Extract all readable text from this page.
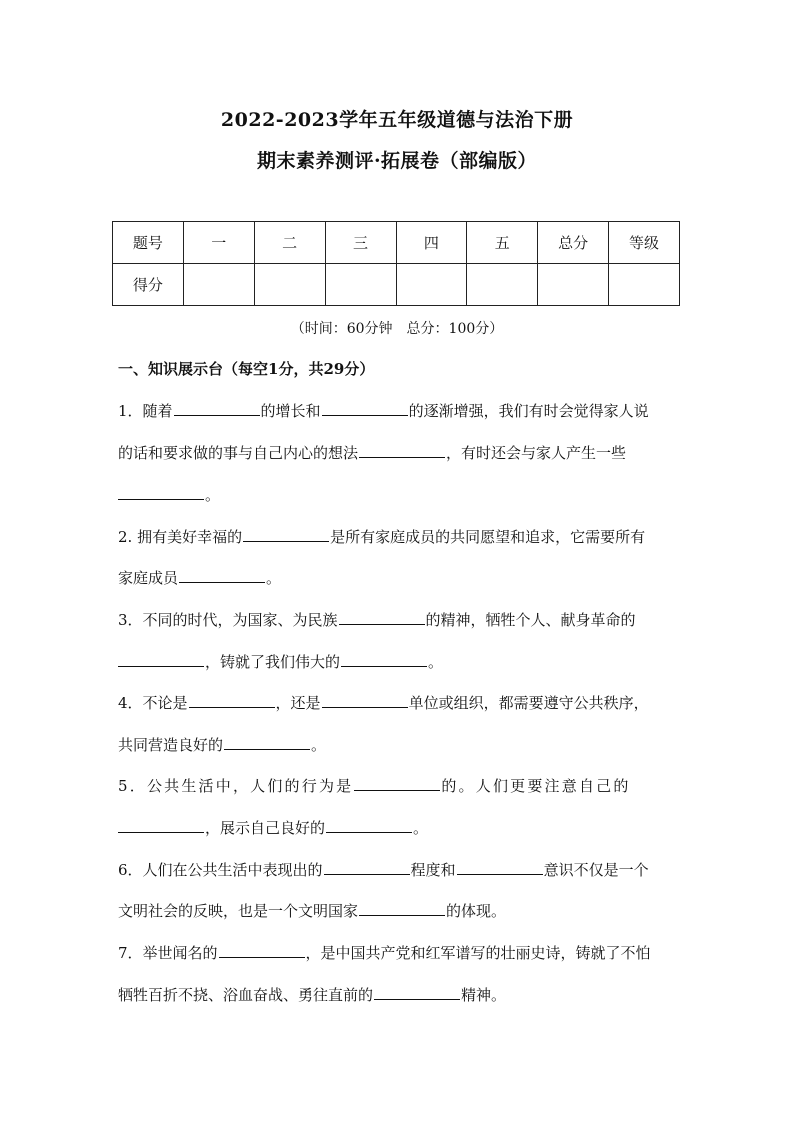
2022-2023学年五年级道德与法治下册
期末素养测评·拓展卷（部编版）
题号	一	二	三	四	五	总分	等级
得分							
（时间：60分钟　总分：100分）
一、知识展示台（每空1分，共29分）
1．随着	的增长和	的逐渐增强，我们有时会觉得家人说
的话和要求做的事与自己内心的想法	，有时还会与家人产生一些
。
2. 拥有美好幸福的	是所有家庭成员的共同愿望和追求，它需要所有
家庭成员	。
3．不同的时代，为国家、为民族	的精神，牺牲个人、献身革命的
，铸就了我们伟大的	。
4．不论是	，还是	单位或组织，都需要遵守公共秩序，
共同营造良好的	。
5．公共生活中，人们的行为是	的。人们更要注意自己的
，展示自己良好的	。
6．人们在公共生活中表现出的	程度和	意识不仅是一个
文明社会的反映，也是一个文明国家	的体现。
7．举世闻名的	，是中国共产党和红军谱写的壮丽史诗，铸就了不怕
牺牲百折不挠、浴血奋战、勇往直前的	精神。
